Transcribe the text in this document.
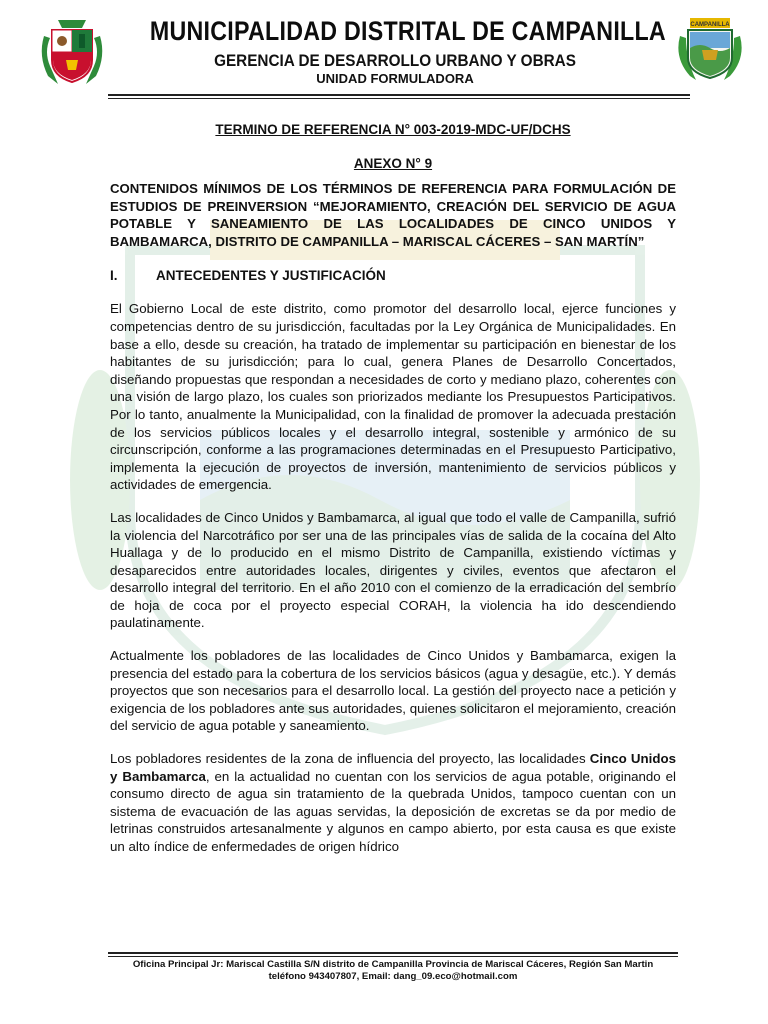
CAMPANILLA
MUNICIPALIDAD DISTRITAL DE CAMPANILLA
GERENCIA DE DESARROLLO URBANO Y OBRAS
UNIDAD FORMULADORA
TERMINO DE REFERENCIA N° 003-2019-MDC-UF/DCHS
ANEXO N° 9
CONTENIDOS MÍNIMOS DE LOS TÉRMINOS DE REFERENCIA PARA FORMULACIÓN DE ESTUDIOS DE PREINVERSION “MEJORAMIENTO, CREACIÓN DEL SERVICIO DE AGUA POTABLE Y SANEAMIENTO DE LAS LOCALIDADES DE CINCO UNIDOS Y BAMBAMARCA, DISTRITO DE CAMPANILLA – MARISCAL CÁCERES – SAN MARTÍN”
I.	ANTECEDENTES Y JUSTIFICACIÓN

El Gobierno Local de este distrito, como promotor del desarrollo local, ejerce funciones y competencias dentro de su jurisdicción, facultadas por la Ley Orgánica de Municipalidades. En base a ello, desde su creación, ha tratado de implementar su participación en bienestar de los habitantes de su jurisdicción; para lo cual, genera Planes de Desarrollo Concertados, diseñando propuestas que respondan a necesidades de corto y mediano plazo, coherentes con una visión de largo plazo, los cuales son priorizados mediante los Presupuestos Participativos. Por lo tanto, anualmente la Municipalidad, con la finalidad de promover la adecuada prestación de los servicios públicos locales y el desarrollo integral, sostenible y armónico de su circunscripción, conforme a las programaciones determinadas en el Presupuesto Participativo, implementa la ejecución de proyectos de inversión, mantenimiento de servicios públicos y actividades de emergencia.

Las localidades de Cinco Unidos y Bambamarca, al igual que todo el valle de Campanilla, sufrió la violencia del Narcotráfico por ser una de las principales vías de salida de la cocaína del Alto Huallaga y de lo producido en el mismo Distrito de Campanilla, existiendo víctimas y desaparecidos entre autoridades locales, dirigentes y civiles, eventos que afectaron el desarrollo integral del territorio. En el año 2010 con el comienzo de la erradicación del sembrío de hoja de coca por el proyecto especial CORAH, la violencia ha ido descendiendo paulatinamente.

Actualmente los pobladores de las localidades de Cinco Unidos y Bambamarca, exigen la presencia del estado para la cobertura de los servicios básicos (agua y desagüe, etc.). Y demás proyectos que son necesarios para el desarrollo local. La gestión del proyecto nace a petición y exigencia de los pobladores ante sus autoridades, quienes solicitaron el mejoramiento, creación del servicio de agua potable y saneamiento.

Los pobladores residentes de la zona de influencia del proyecto, las localidades Cinco Unidos y Bambamarca, en la actualidad no cuentan con los servicios de agua potable, originando el consumo directo de agua sin tratamiento de la quebrada Unidos, tampoco cuentan con un sistema de evacuación de las aguas servidas, la deposición de excretas se da por medio de letrinas construidos artesanalmente y algunos en campo abierto, por esta causa es que existe un alto índice de enfermedades de origen hídrico

Oficina Principal Jr: Mariscal Castilla S/N distrito de Campanilla Provincia de Mariscal Cáceres, Región San Martin
teléfono 943407807, Email: dang_09.eco@hotmail.com
